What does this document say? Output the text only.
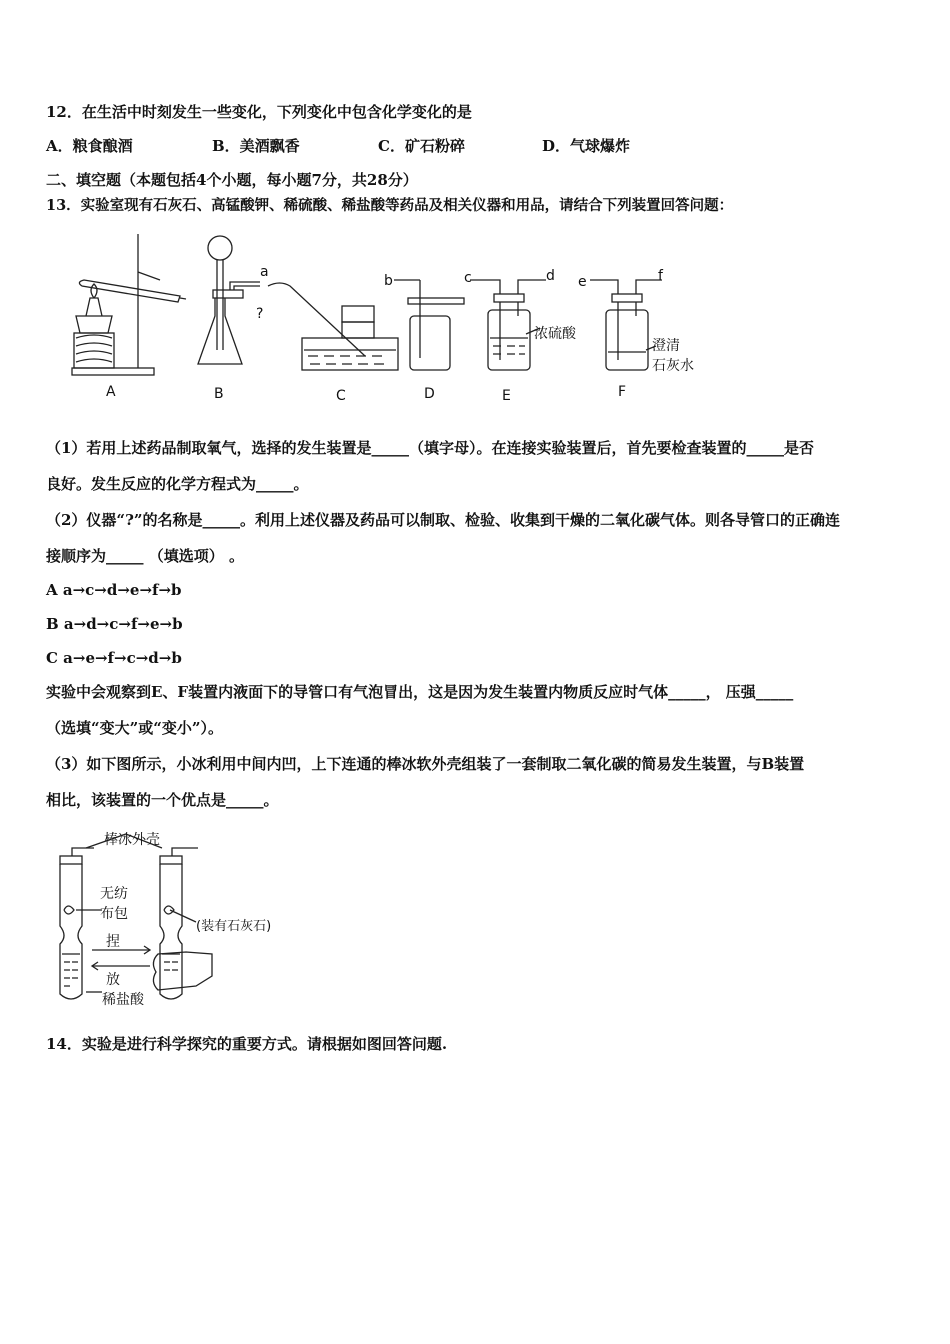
12．在生活中时刻发生一些变化，下列变化中包含化学变化的是
A．粮食酿酒	B．美酒飘香	C．矿石粉碎	D．气球爆炸
二、填空题（本题包括4个小题，每小题7分，共28分）
13．实验室现有石灰石、高锰酸钾、稀硫酸、稀盐酸等药品及相关仪器和用品，请结合下列装置回答问题：
a
?
b	c	d e	f
浓硫酸
澄清
石灰水
A	B	C	D	E	F
（1）若用上述药品制取氧气，选择的发生装置是_____（填字母）。在连接实验装置后，首先要检查装置的_____是否
良好。发生反应的化学方程式为_____。
（2）仪器“?”的名称是_____。利用上述仪器及药品可以制取、检验、收集到干燥的二氧化碳气体。则各导管口的正确连
接顺序为_____ （填选项） 。
A a→c→d→e→f→b
B a→d→c→f→e→b
C a→e→f→c→d→b
实验中会观察到E、F装置内液面下的导管口有气泡冒出，这是因为发生装置内物质反应时气体_____， 压强_____
（选填“变大”或“变小”）。
（3）如下图所示，小冰利用中间内凹，上下连通的棒冰软外壳组装了一套制取二氧化碳的简易发生装置，与B装置
相比，该装置的一个优点是_____。
棒冰外壳
无纺
布包
(装有石灰石)
捏
放
稀盐酸
14．实验是进行科学探究的重要方式。请根据如图回答问题.
